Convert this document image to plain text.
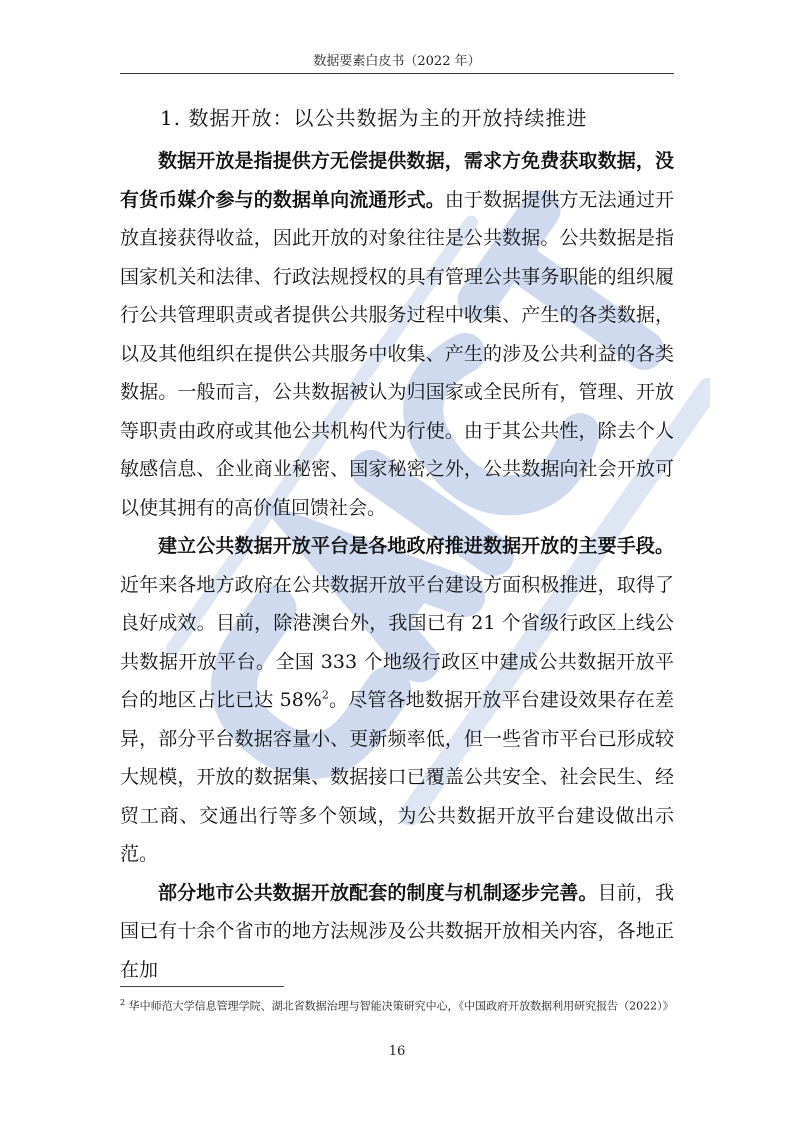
数据要素白皮书（2022 年）
1. 数据开放：以公共数据为主的开放持续推进

数据开放是指提供方无偿提供数据，需求方免费获取数据，没有货币媒介参与的数据单向流通形式。由于数据提供方无法通过开放直接获得收益，因此开放的对象往往是公共数据。公共数据是指国家机关和法律、行政法规授权的具有管理公共事务职能的组织履行公共管理职责或者提供公共服务过程中收集、产生的各类数据，以及其他组织在提供公共服务中收集、产生的涉及公共利益的各类数据。一般而言，公共数据被认为归国家或全民所有，管理、开放等职责由政府或其他公共机构代为行使。由于其公共性，除去个人敏感信息、企业商业秘密、国家秘密之外，公共数据向社会开放可以使其拥有的高价值回馈社会。

建立公共数据开放平台是各地政府推进数据开放的主要手段。近年来各地方政府在公共数据开放平台建设方面积极推进，取得了良好成效。目前，除港澳台外，我国已有 21 个省级行政区上线公共数据开放平台。全国 333 个地级行政区中建成公共数据开放平台的地区占比已达 58%$^2$。尽管各地数据开放平台建设效果存在差异，部分平台数据容量小、更新频率低，但一些省市平台已形成较大规模，开放的数据集、数据接口已覆盖公共安全、社会民生、经贸工商、交通出行等多个领域，为公共数据开放平台建设做出示范。

部分地市公共数据开放配套的制度与机制逐步完善。目前，我国已有十余个省市的地方法规涉及公共数据开放相关内容，各地正在加

$^2$ 华中师范大学信息管理学院、湖北省数据治理与智能决策研究中心，《中国政府开放数据利用研究报告（2022）》
16
